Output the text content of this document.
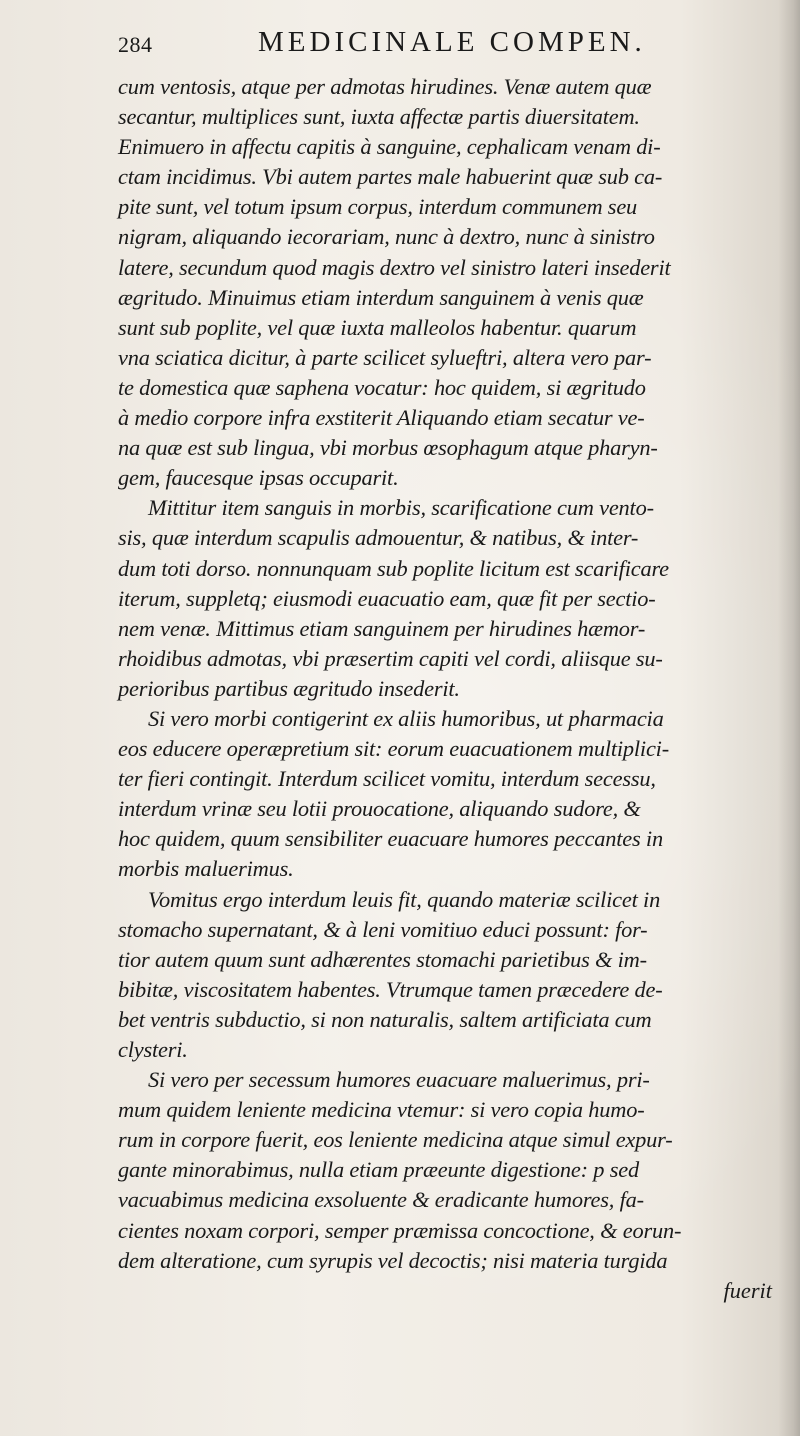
284	MEDICINALE COMPEN.
cum ventosis, atque per admotas hirudines. Venæ autem quæ
secantur, multiplices sunt, iuxta affectæ partis diuersitatem.
Enimuero in affectu capitis à sanguine, cephalicam venam di-
ctam incidimus. Vbi autem partes male habuerint quæ sub ca-
pite sunt, vel totum ipsum corpus, interdum communem seu
nigram, aliquando iecorariam, nunc à dextro, nunc à sinistro
latere, secundum quod magis dextro vel sinistro lateri insederit
ægritudo. Minuimus etiam interdum sanguinem à venis quæ
sunt sub poplite, vel quæ iuxta malleolos habentur. quarum
vna sciatica dicitur, à parte scilicet sylueftri, altera vero par-
te domestica quæ saphena vocatur: hoc quidem, si ægritudo
à medio corpore infra exstiterit Aliquando etiam secatur ve-
na quæ est sub lingua, vbi morbus œsophagum atque pharyn-
gem, faucesque ipsas occuparit.
Mittitur item sanguis in morbis, scarificatione cum vento-
sis, quæ interdum scapulis admouentur, & natibus, & inter-
dum toti dorso. nonnunquam sub poplite licitum est scarificare
iterum, suppletq; eiusmodi euacuatio eam, quæ fit per sectio-
nem venæ. Mittimus etiam sanguinem per hirudines hæmor-
rhoidibus admotas, vbi præsertim capiti vel cordi, aliisque su-
perioribus partibus ægritudo insederit.
Si vero morbi contigerint ex aliis humoribus, ut pharmacia
eos educere operæpretium sit: eorum euacuationem multiplici-
ter fieri contingit. Interdum scilicet vomitu, interdum secessu,
interdum vrinæ seu lotii prouocatione, aliquando sudore, &
hoc quidem, quum sensibiliter euacuare humores peccantes in
morbis maluerimus.
Vomitus ergo interdum leuis fit, quando materiæ scilicet in
stomacho supernatant, & à leni vomitiuo educi possunt: for-
tior autem quum sunt adhærentes stomachi parietibus & im-
bibitæ, viscositatem habentes. Vtrumque tamen præcedere de-
bet ventris subductio, si non naturalis, saltem artificiata cum
clysteri.
Si vero per secessum humores euacuare maluerimus, pri-
mum quidem leniente medicina vtemur: si vero copia humo-
rum in corpore fuerit, eos leniente medicina atque simul expur-
gante minorabimus, nulla etiam præeunte digestione: p sed
vacuabimus medicina exsoluente & eradicante humores, fa-
cientes noxam corpori, semper præmissa concoctione, & eorun-
dem alteratione, cum syrupis vel decoctis; nisi materia turgida
fuerit
